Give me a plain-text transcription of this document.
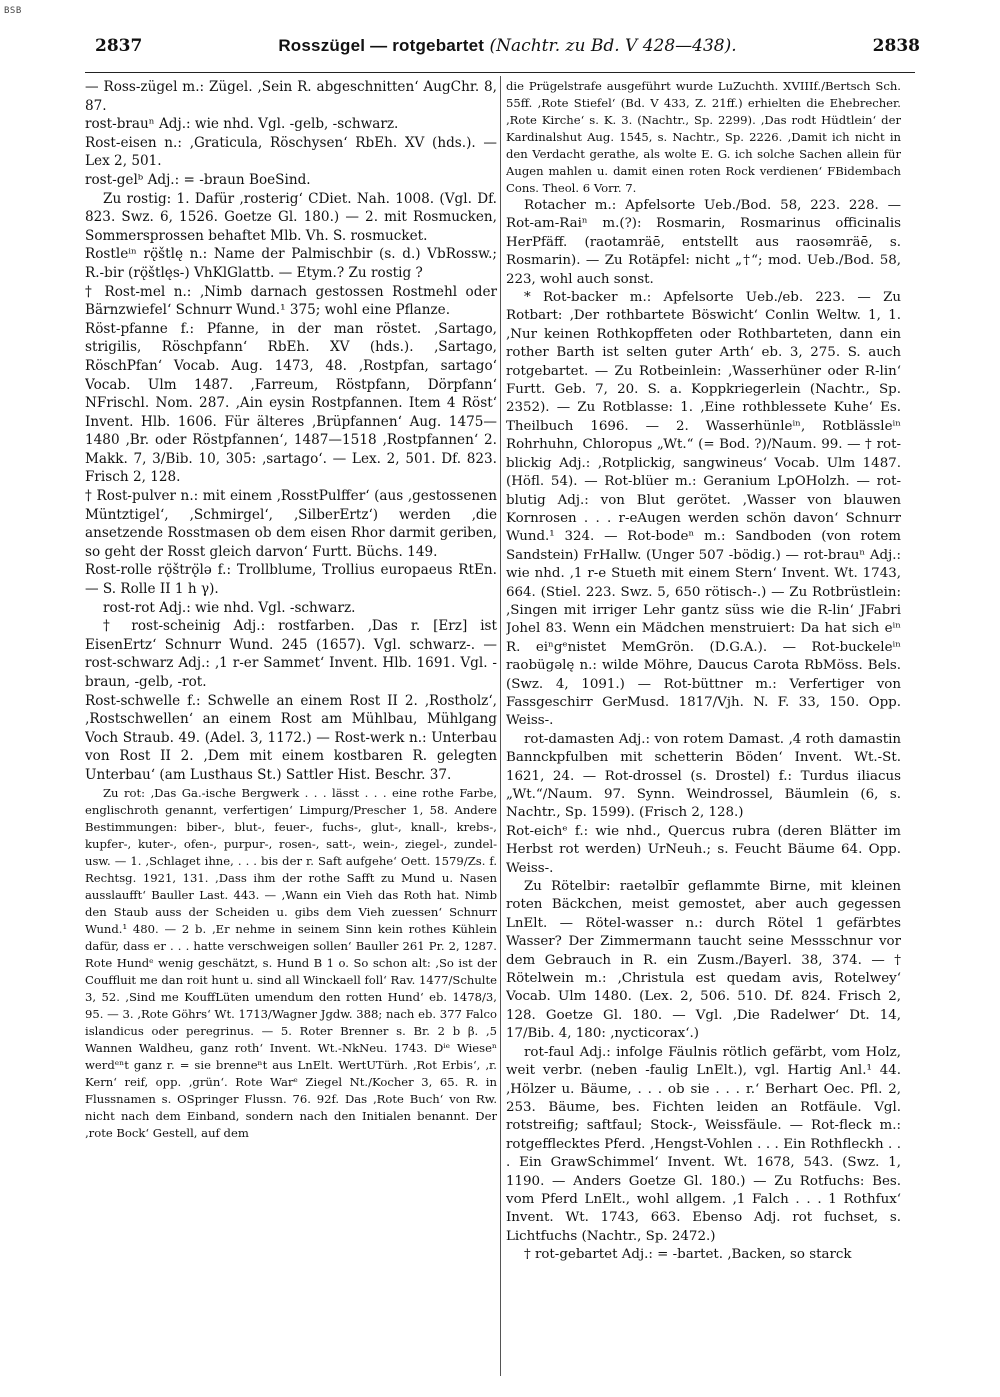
BSB
2837	Rosszügel — rotgebartet (Nachtr. zu Bd. V 428—438).	2838

— Ross-zügel m.: Zügel. ‚Sein R. abgeschnitten‘ AugChr. 8, 87.

rost-brauⁿ Adj.: wie nhd. Vgl. -gelb, -schwarz.

Rost-eisen n.: ‚Graticula, Röschysen‘ RbEh. XV (hds.). — Lex 2, 501.

rost-gelᵇ Adj.: = -braun BoeSind.

Zu rostig: 1. Dafür ‚rosterig‘ CDiet. Nah. 1008. (Vgl. Df. 823. Swz. 6, 1526. Goetze Gl. 180.) — 2. mit Rosmucken, Sommersprossen behaftet Mlb. Vh. S. rosmucket.

Rostleⁱⁿ rǫ̈štlę n.: Name der Palmischbir (s. d.) VbRossw.; R.-bir (rǫ̈štlęs-) VhKlGlattb. — Etym.? Zu rostig ?

† Rost-mel n.: ‚Nimb darnach gestossen Rostmehl oder Bärnzwiefel‘ Schnurr Wund.¹ 375; wohl eine Pflanze.

Röst-pfanne f.: Pfanne, in der man röstet. ‚Sartago, strigilis, Röschpfann‘ RbEh. XV (hds.). ‚Sartago, RöschPfan‘ Vocab. Aug. 1473, 48. ‚Rostpfan, sartago‘ Vocab. Ulm 1487. ‚Farreum, Röstpfann, Dörpfann‘ NFrischl. Nom. 287. ‚Ain eysin Rostpfannen. Item 4 Röst‘ Invent. Hlb. 1606. Für älteres ‚Brüpfannen‘ Aug. 1475—1480 ‚Br. oder Röstpfannen‘, 1487—1518 ‚Rostpfannen‘ 2. Makk. 7, 3/Bib. 10, 305: ‚sartago‘. — Lex. 2, 501. Df. 823. Frisch 2, 128.

† Rost-pulver n.: mit einem ‚RosstPulffer‘ (aus ‚gestossenen Müntztigel‘, ‚Schmirgel‘, ‚SilberErtz‘) werden ‚die ansetzende Rosstmasen ob dem eisen Rhor darmit geriben, so geht der Rosst gleich darvon‘ Furtt. Büchs. 149.

Rost-rolle rǫ̈štrǫ̈lə f.: Trollblume, Trollius europaeus RtEn. — S. Rolle II 1 h γ).

rost-rot Adj.: wie nhd. Vgl. -schwarz.

† rost-scheinig Adj.: rostfarben. ‚Das r. [Erz] ist EisenErtz‘ Schnurr Wund. 245 (1657). Vgl. schwarz-. — rost-schwarz Adj.: ‚1 r-er Sammet‘ Invent. Hlb. 1691. Vgl. -braun, -gelb, -rot.

Rost-schwelle f.: Schwelle an einem Rost II 2. ‚Rostholz‘, ‚Rostschwellen‘ an einem Rost am Mühlbau, Mühlgang Voch Straub. 49. (Adel. 3, 1172.) — Rost-werk n.: Unterbau von Rost II 2. ‚Dem mit einem kostbaren R. gelegten Unterbau‘ (am Lusthaus St.) Sattler Hist. Beschr. 37.

Zu rot: ‚Das Ga.-ische Bergwerk . . . lässt . . . eine rothe Farbe, englischroth genannt, verfertigen‘ Limpurg/Prescher 1, 58. Andere Bestimmungen: biber-, blut-, feuer-, fuchs-, glut-, knall-, krebs-, kupfer-, kuter-, ofen-, purpur-, rosen-, satt-, wein-, ziegel-, zundel- usw. — 1. ‚Schlaget ihne, . . . bis der r. Saft aufgehe‘ Oett. 1579/Zs. f. Rechtsg. 1921, 131. ‚Dass ihm der rothe Safft zu Mund u. Nasen ausslaufft‘ Bauller Last. 443. — ‚Wann ein Vieh das Roth hat. Nimb den Staub auss der Scheiden u. gibs dem Vieh zuessen‘ Schnurr Wund.¹ 480. — 2 b. ‚Er nehme in seinem Sinn kein rothes Kühlein dafür, dass er . . . hatte verschweigen sollen‘ Bauller 261 Pr. 2, 1287. Rote Hundᵉ wenig geschätzt, s. Hund B 1 o. So schon alt: ‚So ist der Couffluit me dan roit hunt u. sind all Winckaell foll‘ Rav. 1477/Schulte 3, 52. ‚Sind me KouffLüten umendum den rotten Hund‘ eb. 1478/3, 95. — 3. ‚Rote Göhrs‘ Wt. 1713/Wagner Jgdw. 388; nach eb. 377 Falco islandicus oder peregrinus. — 5. Roter Brenner s. Br. 2 b β. ‚5 Wannen Waldheu, ganz roth‘ Invent. Wt.-NkNeu. 1743. Dⁱᵉ Wieseⁿ werdᵉⁿt ganz r. = sie brenneⁿt aus LnElt. WertUTürh. ‚Rot Erbis‘, ‚r. Kern‘ reif, opp. ‚grün‘. Rote Warᵉ Ziegel Nt./Kocher 3, 65. R. in Flussnamen s. OSpringer Flussn. 76. 92f. Das ‚Rote Buch‘ von Rw. nicht nach dem Einband, sondern nach den Initialen benannt. Der ‚rote Bock‘ Gestell, auf dem

die Prügelstrafe ausgeführt wurde LuZuchth. XVIIIf./Bertsch Sch. 55ff. ‚Rote Stiefel‘ (Bd. V 433, Z. 21ff.) erhielten die Ehebrecher. ‚Rote Kirche‘ s. K. 3. (Nachtr., Sp. 2299). ‚Das rodt Hüdtlein‘ der Kardinalshut Aug. 1545, s. Nachtr., Sp. 2226. ‚Damit ich nicht in den Verdacht gerathe, als wolte E. G. ich solche Sachen allein für Augen mahlen u. damit einen roten Rock verdienen‘ FBidembach Cons. Theol. 6 Vorr. 7.

Rotacher m.: Apfelsorte Ueb./Bod. 58, 223. 228. — Rot-am-Raiⁿ m.(?): Rosmarin, Rosmarinus officinalis HerPfäff. (raotamräē, entstellt aus raosəmräē, s. Rosmarin). — Zu Rotäpfel: nicht „†“; mod. Ueb./Bod. 58, 223, wohl auch sonst.

* Rot-backer m.: Apfelsorte Ueb./eb. 223. — Zu Rotbart: ‚Der rothbartete Böswicht‘ Conlin Weltw. 1, 1. ‚Nur keinen Rothkopffeten oder Rothbarteten, dann ein rother Barth ist selten guter Arth‘ eb. 3, 275. S. auch rotgebartet. — Zu Rotbeinlein: ‚Wasserhüner oder R-lin‘ Furtt. Geb. 7, 20. S. a. Koppkriegerlein (Nachtr., Sp. 2352). — Zu Rotblasse: 1. ‚Eine rothblessete Kuhe‘ Es. Theilbuch 1696. — 2. Wasserhünleⁱⁿ, Rotblässleⁱⁿ Rohrhuhn, Chloropus „Wt.“ (= Bod. ?)/Naum. 99. — † rot-blickig Adj.: ‚Rotplickig, sangwineus‘ Vocab. Ulm 1487. (Höfl. 54). — Rot-blüer m.: Geranium LpOHolzh. — rot-blutig Adj.: von Blut gerötet. ‚Wasser von blauwen Kornrosen . . . r-eAugen werden schön davon‘ Schnurr Wund.¹ 324. — Rot-bodeⁿ m.: Sandboden (von rotem Sandstein) FrHallw. (Unger 507 -bödig.) — rot-brauⁿ Adj.: wie nhd. ‚1 r-e Stueth mit einem Stern‘ Invent. Wt. 1743, 664. (Stiel. 223. Swz. 5, 650 rötisch-.) — Zu Rotbrüstlein: ‚Singen mit irriger Lehr gantz süss wie die R-lin‘ JFabri Johel 83. Wenn ein Mädchen menstruiert: Da hat sich eⁱⁿ R. eiⁿgᵉnistet MemGrön. (D.G.A.). — Rot-buckeleⁱⁿ raobügəlę n.: wilde Möhre, Daucus Carota RbMöss. Bels. (Swz. 4, 1091.) — Rot-büttner m.: Verfertiger von Fassgeschirr GerMusd. 1817/Vjh. N. F. 33, 150. Opp. Weiss-.

rot-damasten Adj.: von rotem Damast. ‚4 roth damastin Bannckpfulben mit schetterin Böden‘ Invent. Wt.-St. 1621, 24. — Rot-drossel (s. Drostel) f.: Turdus iliacus „Wt.“/Naum. 97. Synn. Weindrossel, Bäumlein (6, s. Nachtr., Sp. 1599). (Frisch 2, 128.)

Rot-eichᵉ f.: wie nhd., Quercus rubra (deren Blätter im Herbst rot werden) UrNeuh.; s. Feucht Bäume 64. Opp. Weiss-.

Zu Rötelbir: raetəlbīr geflammte Birne, mit kleinen roten Bäckchen, meist gemostet, aber auch gegessen LnElt. — Rötel-wasser n.: durch Rötel 1 gefärbtes Wasser? Der Zimmermann taucht seine Messschnur vor dem Gebrauch in R. ein Zusm./Bayerl. 38, 374. — † Rötelwein m.: ‚Christula est quedam avis, Rotelwey‘ Vocab. Ulm 1480. (Lex. 2, 506. 510. Df. 824. Frisch 2, 128. Goetze Gl. 180. — Vgl. ‚Die Radelwer‘ Dt. 14, 17/Bib. 4, 180: ‚nycticorax‘.)

rot-faul Adj.: infolge Fäulnis rötlich gefärbt, vom Holz, weit verbr. (neben -faulig LnElt.), vgl. Hartig Anl.¹ 44. ‚Hölzer u. Bäume, . . . ob sie . . . r.‘ Berhart Oec. Pfl. 2, 253. Bäume, bes. Fichten leiden an Rotfäule. Vgl. rotstreifig; saftfaul; Stock-, Weissfäule. — Rot-fleck m.: rotgefflecktes Pferd. ‚Hengst-Vohlen . . . Ein Rothfleckh . . . Ein GrawSchimmel‘ Invent. Wt. 1678, 543. (Swz. 1, 1190. — Anders Goetze Gl. 180.) — Zu Rotfuchs: Bes. vom Pferd LnElt., wohl allgem. ‚1 Falch . . . 1 Rothfux‘ Invent. Wt. 1743, 663. Ebenso Adj. rot fuchset, s. Lichtfuchs (Nachtr., Sp. 2472.)

† rot-gebartet Adj.: = -bartet. ‚Backen, so starck
